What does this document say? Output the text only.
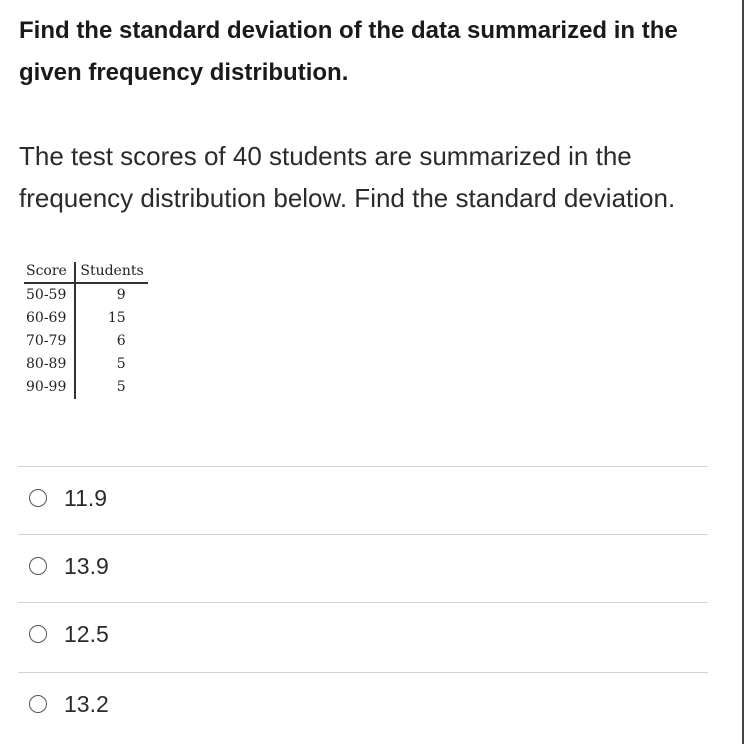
Find the standard deviation of the data summarized in the given frequency distribution.
The test scores of 40 students are summarized in the frequency distribution below. Find the standard deviation.
Score	Students
50-59	9
60-69	15
70-79	6
80-89	5
90-99	5
11.9
13.9
12.5
13.2
